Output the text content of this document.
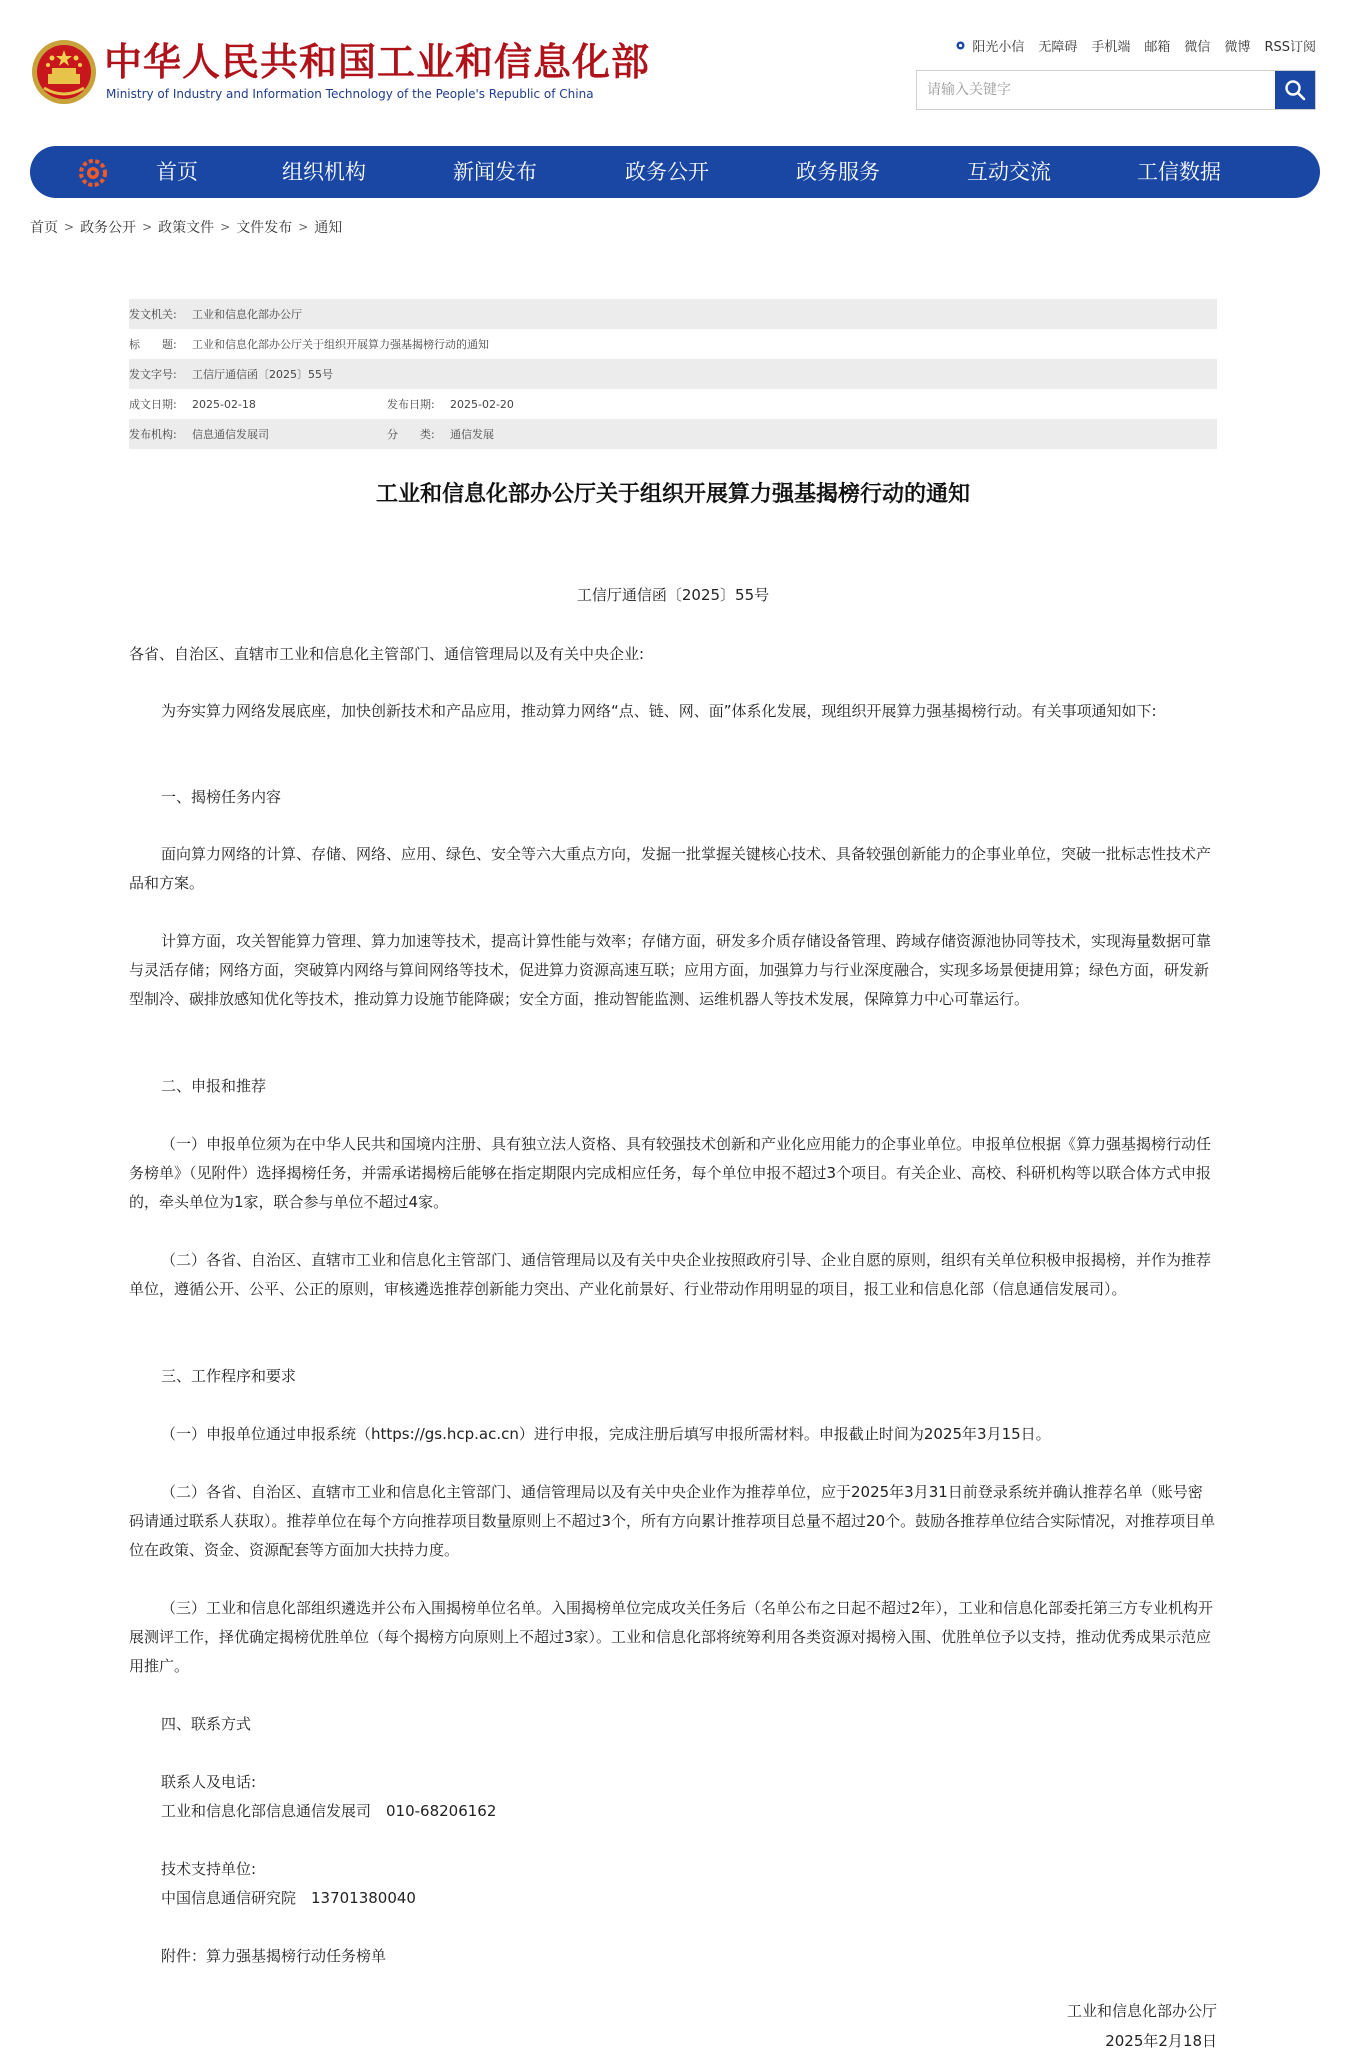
中华人民共和国工业和信息化部
Ministry of Industry and Information Technology of the People's Republic of China
阳光小信 无障碍 手机端 邮箱 微信 微博 RSS订阅
请输入关键字
首页	组织机构	新闻发布	政务公开	政务服务	互动交流	工信数据
首页 > 政务公开 > 政策文件 > 文件发布 > 通知
发文机关: 工业和信息化部办公厅
标　　题: 工业和信息化部办公厅关于组织开展算力强基揭榜行动的通知
发文字号: 工信厅通信函〔2025〕55号
成文日期: 2025-02-18	发布日期: 2025-02-20
发布机构: 信息通信发展司	分　　类: 通信发展
工业和信息化部办公厅关于组织开展算力强基揭榜行动的通知
工信厅通信函〔2025〕55号

各省、自治区、直辖市工业和信息化主管部门、通信管理局以及有关中央企业:

为夯实算力网络发展底座，加快创新技术和产品应用，推动算力网络“点、链、网、面”体系化发展，现组织开展算力强基揭榜行动。有关事项通知如下:

一、揭榜任务内容

面向算力网络的计算、存储、网络、应用、绿色、安全等六大重点方向，发掘一批掌握关键核心技术、具备较强创新能力的企事业单位，突破一批标志性技术产品和方案。

计算方面，攻关智能算力管理、算力加速等技术，提高计算性能与效率；存储方面，研发多介质存储设备管理、跨域存储资源池协同等技术，实现海量数据可靠与灵活存储；网络方面，突破算内网络与算间网络等技术，促进算力资源高速互联；应用方面，加强算力与行业深度融合，实现多场景便捷用算；绿色方面，研发新型制冷、碳排放感知优化等技术，推动算力设施节能降碳；安全方面，推动智能监测、运维机器人等技术发展，保障算力中心可靠运行。

二、申报和推荐

（一）申报单位须为在中华人民共和国境内注册、具有独立法人资格、具有较强技术创新和产业化应用能力的企事业单位。申报单位根据《算力强基揭榜行动任务榜单》（见附件）选择揭榜任务，并需承诺揭榜后能够在指定期限内完成相应任务，每个单位申报不超过3个项目。有关企业、高校、科研机构等以联合体方式申报的，牵头单位为1家，联合参与单位不超过4家。

（二）各省、自治区、直辖市工业和信息化主管部门、通信管理局以及有关中央企业按照政府引导、企业自愿的原则，组织有关单位积极申报揭榜，并作为推荐单位，遵循公开、公平、公正的原则，审核遴选推荐创新能力突出、产业化前景好、行业带动作用明显的项目，报工业和信息化部（信息通信发展司）。

三、工作程序和要求

（一）申报单位通过申报系统（https://gs.hcp.ac.cn）进行申报，完成注册后填写申报所需材料。申报截止时间为2025年3月15日。

（二）各省、自治区、直辖市工业和信息化主管部门、通信管理局以及有关中央企业作为推荐单位，应于2025年3月31日前登录系统并确认推荐名单（账号密码请通过联系人获取）。推荐单位在每个方向推荐项目数量原则上不超过3个，所有方向累计推荐项目总量不超过20个。鼓励各推荐单位结合实际情况，对推荐项目单位在政策、资金、资源配套等方面加大扶持力度。

（三）工业和信息化部组织遴选并公布入围揭榜单位名单。入围揭榜单位完成攻关任务后（名单公布之日起不超过2年），工业和信息化部委托第三方专业机构开展测评工作，择优确定揭榜优胜单位（每个揭榜方向原则上不超过3家）。工业和信息化部将统筹利用各类资源对揭榜入围、优胜单位予以支持，推动优秀成果示范应用推广。

四、联系方式

联系人及电话:

工业和信息化部信息通信发展司　010-68206162

技术支持单位:

中国信息通信研究院　13701380040

附件：算力强基揭榜行动任务榜单

工业和信息化部办公厅
2025年2月18日
